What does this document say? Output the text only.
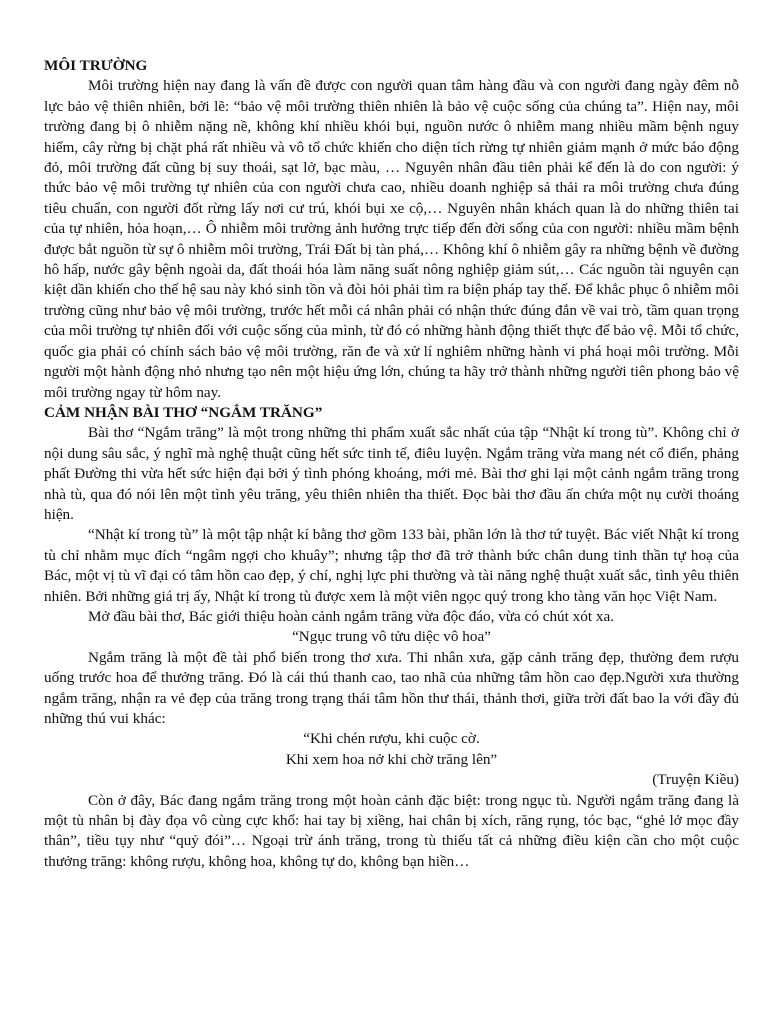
MÔI TRƯỜNG

Môi trường hiện nay đang là vấn đề được con người quan tâm hàng đầu và con người đang ngày đêm nỗ lực bảo vệ thiên nhiên, bởi lẽ: “bảo vệ môi trường thiên nhiên là bảo vệ cuộc sống của chúng ta”. Hiện nay, môi trường đang bị ô nhiễm nặng nề, không khí nhiều khói bụi, nguồn nước ô nhiễm mang nhiều mầm bệnh nguy hiểm, cây rừng bị chặt phá rất nhiều và vô tổ chức khiến cho diện tích rừng tự nhiên giảm mạnh ở mức báo động đỏ, môi trường đất cũng bị suy thoái, sạt lở, bạc màu, … Nguyên nhân đầu tiên phải kể đến là do con người: ý thức bảo vệ môi trường tự nhiên của con người chưa cao, nhiều doanh nghiệp sả thải ra môi trường chưa đúng tiêu chuẩn, con người đốt rừng lấy nơi cư trú, khói bụi xe cộ,… Nguyên nhân khách quan là do những thiên tai của tự nhiên, hỏa hoạn,… Ô nhiễm môi trường ảnh hưởng trực tiếp đến đời sống của con người: nhiều mầm bệnh được bắt nguồn từ sự ô nhiễm môi trường, Trái Đất bị tàn phá,… Không khí ô nhiễm gây ra những bệnh về đường hô hấp, nước gây bệnh ngoài da, đất thoái hóa làm năng suất nông nghiệp giảm sút,… Các nguồn tài nguyên cạn kiệt dần khiến cho thế hệ sau này khó sinh tồn và đòi hỏi phải tìm ra biện pháp tay thế. Để khắc phục ô nhiễm môi trường cũng như bảo vệ môi trường, trước hết mỗi cá nhân phải có nhận thức đúng đắn về vai trò, tầm quan trọng của môi trường tự nhiên đối với cuộc sống của mình, từ đó có những hành động thiết thực để bảo vệ. Mỗi tổ chức, quốc gia phải có chính sách bảo vệ môi trường, răn đe và xử lí nghiêm những hành vi phá hoại môi trường. Mỗi người một hành động nhỏ nhưng tạo nên một hiệu ứng lớn, chúng ta hãy trở thành những người tiên phong bảo vệ môi trường ngay từ hôm nay.

CẢM NHẬN BÀI THƠ “NGẮM TRĂNG”

Bài thơ “Ngắm trăng” là một trong những thi phẩm xuất sắc nhất của tập “Nhật kí trong tù”. Không chỉ ở nội dung sâu sắc, ý nghĩ mà nghệ thuật cũng hết sức tinh tế, điêu luyện. Ngắm trăng vừa mang nét cổ điển, phảng phất Đường thi vừa hết sức hiện đại bởi ý tình phóng khoáng, mới mẻ. Bài thơ ghi lại một cảnh ngắm trăng trong nhà tù, qua đó nói lên một tình yêu trăng, yêu thiên nhiên tha thiết. Đọc bài thơ đầu ấn chứa một nụ cười thoáng hiện.

“Nhật kí trong tù” là một tập nhật kí bằng thơ gồm 133 bài, phần lớn là thơ tứ tuyệt. Bác viết Nhật kí trong tù chỉ nhằm mục đích “ngâm ngợi cho khuây”; nhưng tập thơ đã trở thành bức chân dung tinh thần tự hoạ của Bác, một vị tù vĩ đại có tâm hồn cao đẹp, ý chí, nghị lực phi thường và tài năng nghệ thuật xuất sắc, tình yêu thiên nhiên. Bởi những giá trị ấy, Nhật kí trong tù được xem là một viên ngọc quý trong kho tàng văn học Việt Nam.

Mở đầu bài thơ, Bác giới thiệu hoàn cảnh ngắm trăng vừa độc đáo, vừa có chút xót xa.

“Ngục trung vô tửu diệc vô hoa”

Ngắm trăng là một đề tài phổ biến trong thơ xưa. Thi nhân xưa, gặp cảnh trăng đẹp, thường đem rượu uống trước hoa để thưởng trăng. Đó là cái thú thanh cao, tao nhã của những tâm hồn cao đẹp.Người xưa thường ngắm trăng, nhận ra vẻ đẹp của trăng trong trạng thái tâm hồn thư thái, thảnh thơi, giữa trời đất bao la với đầy đủ những thú vui khác:

“Khi chén rượu, khi cuộc cờ.

Khi xem hoa nở khi chờ trăng lên”

(Truyện Kiều)

Còn ở đây, Bác đang ngắm trăng trong một hoàn cảnh đặc biệt: trong ngục tù. Người ngắm trăng đang là một tù nhân bị đày đọa vô cùng cực khổ: hai tay bị xiềng, hai chân bị xích, răng rụng, tóc bạc, “ghẻ lở mọc đầy thân”, tiều tụy như “quỷ đói”… Ngoại trừ ánh trăng, trong tù thiếu tất cả những điều kiện cần cho một cuộc thưởng trăng: không rượu, không hoa, không tự do, không bạn hiền…
